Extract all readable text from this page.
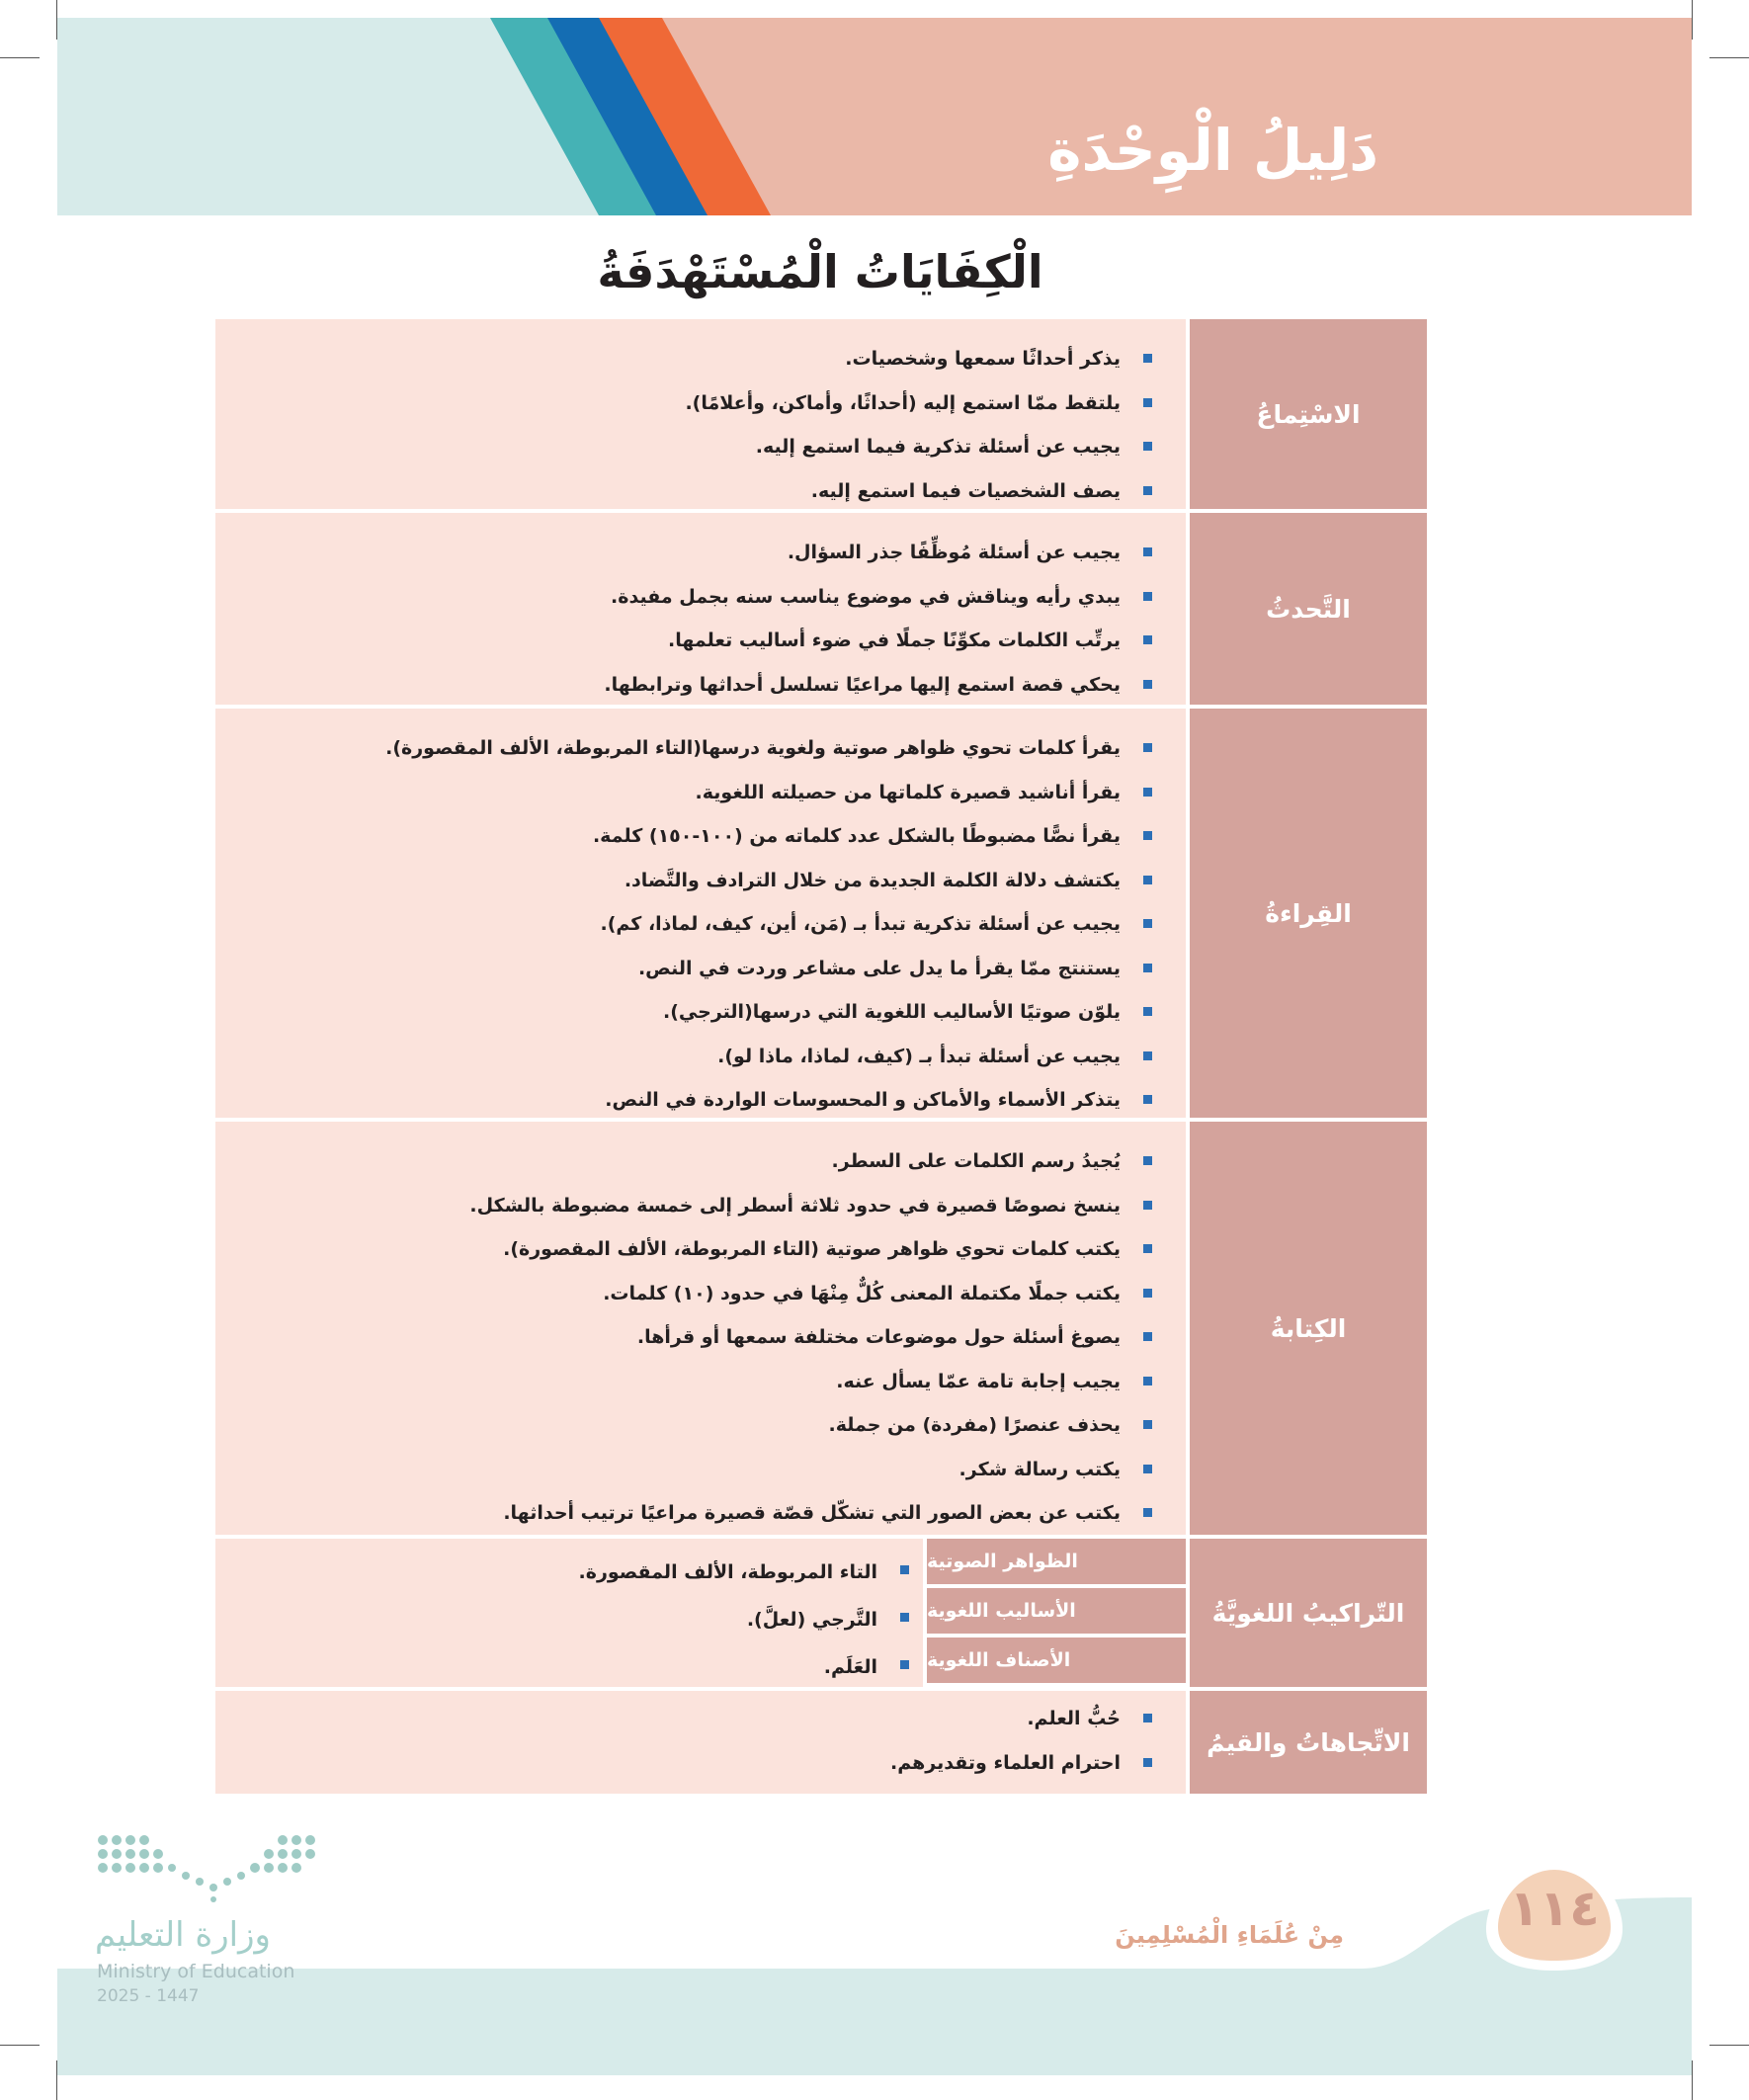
دَلِيلُ الْوِحْدَةِ
الْكِفَايَاتُ الْمُسْتَهْدَفَةُ
الاسْتِماعُ
يذكر أحداثًا سمعها وشخصيات.
يلتقط ممّا استمع إليه (أحداثًا، وأماكن، وأعلامًا).
يجيب عن أسئلة تذكرية فيما استمع إليه.
يصف الشخصيات فيما استمع إليه.
التَّحدثُ
يجيب عن أسئلة مُوظِّفًا جذر السؤال.
يبدي رأيه ويناقش في موضوع يناسب سنه بجمل مفيدة.
يرتِّب الكلمات مكوِّنًا جملًا في ضوء أساليب تعلمها.
يحكي قصة استمع إليها مراعيًا تسلسل أحداثها وترابطها.
القِراءةُ
يقرأ كلمات تحوي ظواهر صوتية ولغوية درسها(التاء المربوطة، الألف المقصورة).
يقرأ أناشيد قصيرة كلماتها من حصيلته اللغوية.
يقرأ نصًّا مضبوطًا بالشكل عدد كلماته من (١٠٠-١٥٠) كلمة.
يكتشف دلالة الكلمة الجديدة من خلال الترادف والتَّضاد.
يجيب عن أسئلة تذكرية تبدأ بـ (مَن، أين، كيف، لماذا، كم).
يستنتج ممّا يقرأ ما يدل على مشاعر وردت في النص.
يلوّن صوتيًا الأساليب اللغوية التي درسها(الترجي).
يجيب عن أسئلة تبدأ بـ (كيف، لماذا، ماذا لو).
يتذكر الأسماء والأماكن و المحسوسات الواردة في النص.
الكِتابةُ
يُجيدُ رسم الكلمات على السطر.
ينسخ نصوصًا قصيرة في حدود ثلاثة أسطر إلى خمسة مضبوطة بالشكل.
يكتب كلمات تحوي ظواهر صوتية (التاء المربوطة، الألف المقصورة).
يكتب جملًا مكتملة المعنى كُلٌّ مِنْهَا في حدود (١٠) كلمات.
يصوغ أسئلة حول موضوعات مختلفة سمعها أو قرأها.
يجيب إجابة تامة عمّا يسأل عنه.
يحذف عنصرًا (مفردة) من جملة.
يكتب رسالة شكر.
يكتب عن بعض الصور التي تشكّل قصّة قصيرة مراعيًا ترتيب أحداثها.
التّراكيبُ اللغويَّةُ
الظواهر الصوتية
الأساليب اللغوية
الأصناف اللغوية
التاء المربوطة، الألف المقصورة.
التَّرجي (لعلَّ).
العَلَم.
الاتِّجاهاتُ والقيمُ
حُبُّ العلم.
احترام العلماء وتقديرهم.
١١٤
مِنْ عُلَمَاءِ الْمُسْلِمِينَ
وزارة التعليم
Ministry of Education
2025 - 1447
